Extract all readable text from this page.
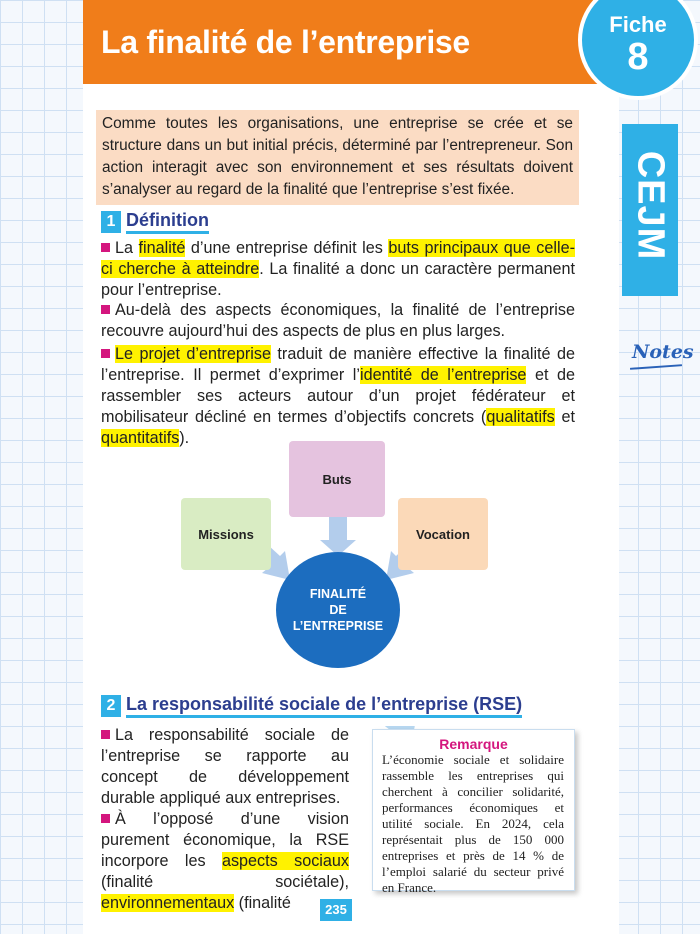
La finalité de l’entreprise	Fiche
8
CEJM
Notes
Comme toutes les organisations, une entreprise se crée et se structure dans un but initial précis, déterminé par l’entrepreneur. Son action interagit avec son environnement et ses résultats doivent s’analyser au regard de la finalité que l’entreprise s’est fixée.
1 Définition
La finalité d’une entreprise définit les buts principaux que celle-ci cherche à atteindre. La finalité a donc un caractère permanent pour l’entreprise.
Au-delà des aspects économiques, la finalité de l’entreprise recouvre aujourd’hui des aspects de plus en plus larges.
Le projet d’entreprise traduit de manière effective la finalité de l’entreprise. Il permet d’exprimer l’identité de l’entreprise et de rassembler ses acteurs autour d’un projet fédérateur et mobilisateur décliné en termes d’objectifs concrets (qualitatifs et quantitatifs).
Buts
Missions	Vocation
FINALITÉ
DE
L’ENTREPRISE
2 La responsabilité sociale de l’entreprise (RSE)
La responsabilité sociale de l’entreprise se rapporte au concept de développement durable appliqué aux entreprises.
À l’opposé d’une vision purement économique, la RSE incorpore les aspects sociaux (finalité sociétale), environnementaux (finalité
Remarque
L’économie sociale et solidaire rassemble les entreprises qui cherchent à concilier solidarité, performances économiques et utilité sociale. En 2024, cela représentait plus de 150 000 entreprises et près de 14 % de l’emploi salarié du secteur privé en France.
235
